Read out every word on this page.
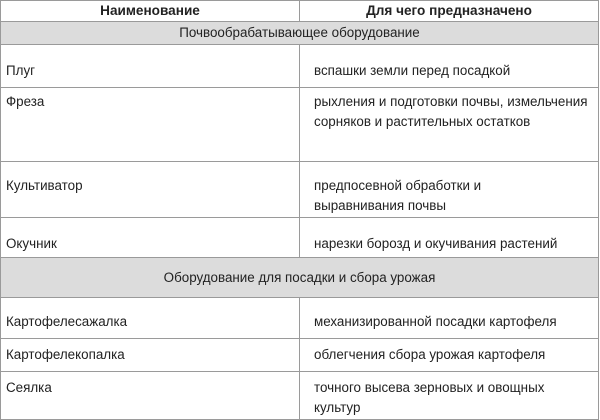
Наименование	Для чего предназначено
Почвообрабатывающее оборудование	

Плуг	вспашки земли перед посадкой

Фреза	рыхления и подготовки почвы, измельчения сорняков и растительных остатков

Культиватор	предпосевной обработки и выравнивания почвы

Окучник	нарезки борозд и окучивания растений

Оборудование для посадки и сбора урожая	

Картофелесажалка	механизированной посадки картофеля

Картофелекопалка	облегчения сбора урожая картофеля

Сеялка	точного высева зерновых и овощных культур
